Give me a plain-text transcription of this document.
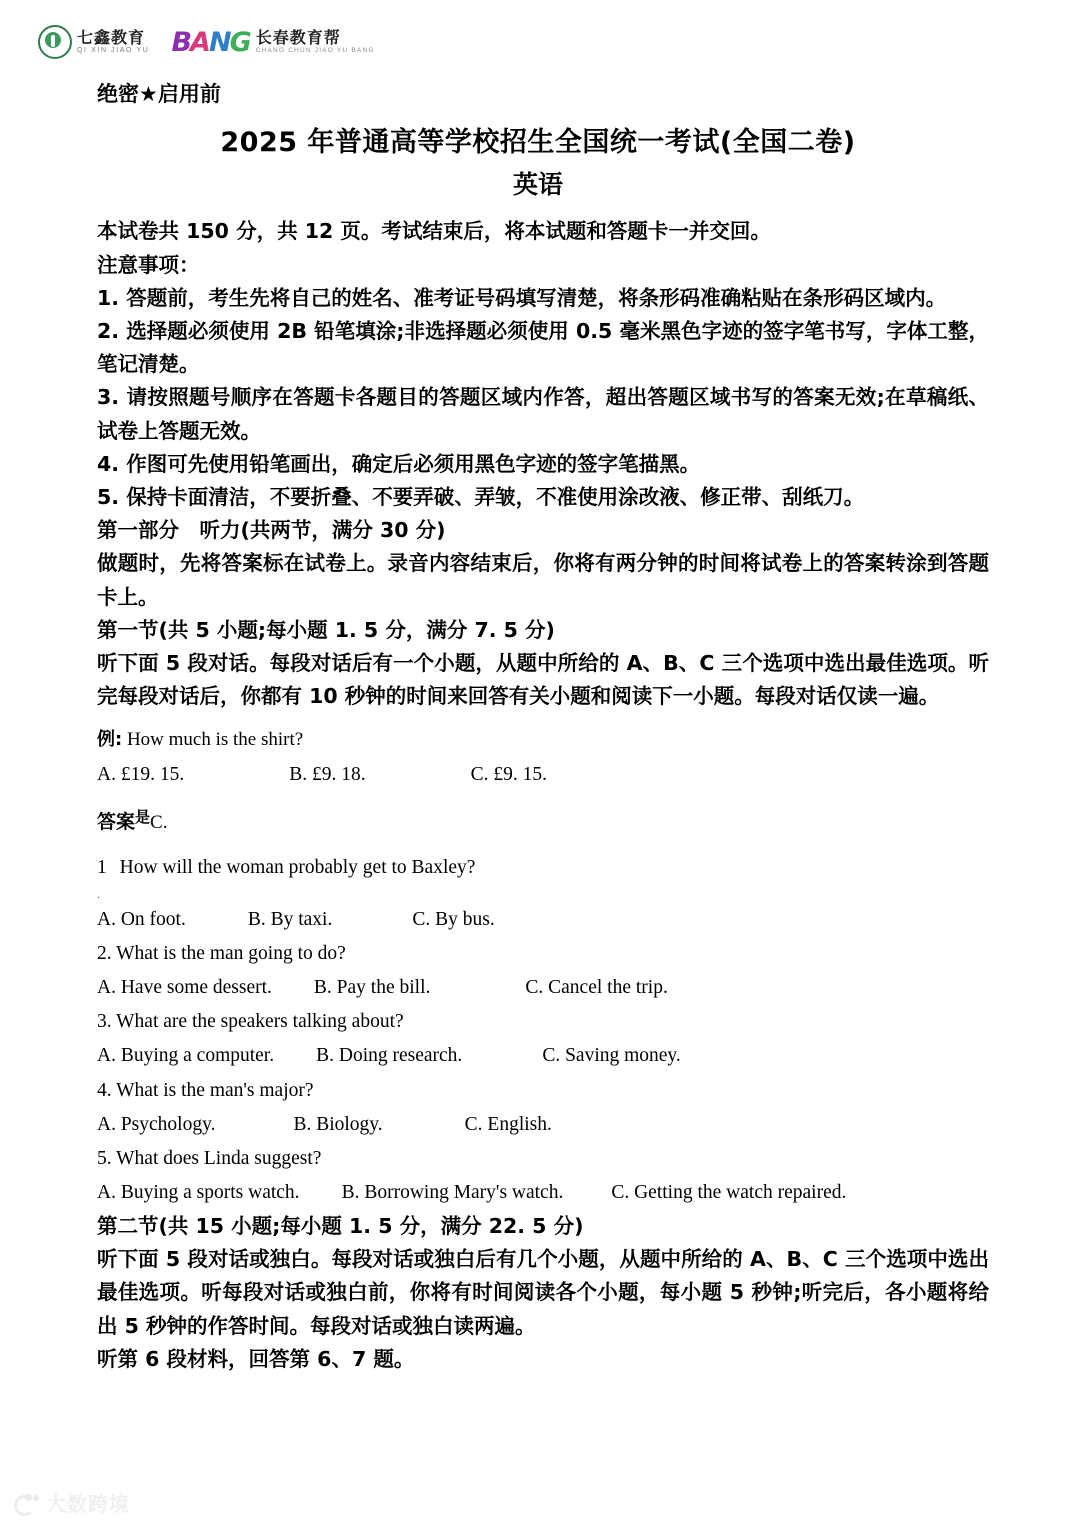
七鑫教育
QI XIN JIAO YU BANG 长春教育帮
CHANG CHUN JIAO YU BANG
绝密★启用前
2025 年普通高等学校招生全国统一考试(全国二卷)
英语

本试卷共 150 分，共 12 页。考试结束后，将本试题和答题卡一并交回。

注意事项：

1. 答题前，考生先将自己的姓名、准考证号码填写清楚，将条形码准确粘贴在条形码区域内。

2. 选择题必须使用 2B 铅笔填涂;非选择题必须使用 0.5 毫米黑色字迹的签字笔书写，字体工整，笔记清楚。

3. 请按照题号顺序在答题卡各题目的答题区域内作答，超出答题区域书写的答案无效;在草稿纸、试卷上答题无效。

4. 作图可先使用铅笔画出，确定后必须用黑色字迹的签字笔描黑。

5. 保持卡面清洁，不要折叠、不要弄破、弄皱，不准使用涂改液、修正带、刮纸刀。

第一部分　听力(共两节，满分 30 分)

做题时，先将答案标在试卷上。录音内容结束后，你将有两分钟的时间将试卷上的答案转涂到答题卡上。

第一节(共 5 小题;每小题 1. 5 分，满分 7. 5 分)

听下面 5 段对话。每段对话后有一个小题，从题中所给的 A、B、C 三个选项中选出最佳选项。听完每段对话后，你都有 10 秒钟的时间来回答有关小题和阅读下一小题。每段对话仅读一遍。

例: How much is the shirt?

A. £19. 15.	B. £9. 18.	C. £9. 15.

答案$^是$C.

1 How will the woman probably get to Baxley?

A. On foot.	B. By taxi.	C. By bus.

2. What is the man going to do?

A. Have some dessert. B. Pay the bill.	C. Cancel the trip.

3. What are the speakers talking about?

A. Buying a computer. B. Doing research.	C. Saving money.

4. What is the man's major?

A. Psychology.	B. Biology.	C. English.

5. What does Linda suggest?

A. Buying a sports watch. B. Borrowing Mary's watch. C. Getting the watch repaired.

第二节(共 15 小题;每小题 1. 5 分，满分 22. 5 分)

听下面 5 段对话或独白。每段对话或独白后有几个小题，从题中所给的 A、B、C 三个选项中选出最佳选项。听每段对话或独白前，你将有时间阅读各个小题，每小题 5 秒钟;听完后，各小题将给出 5 秒钟的作答时间。每段对话或独白读两遍。

听第 6 段材料，回答第 6、7 题。

大数跨境
